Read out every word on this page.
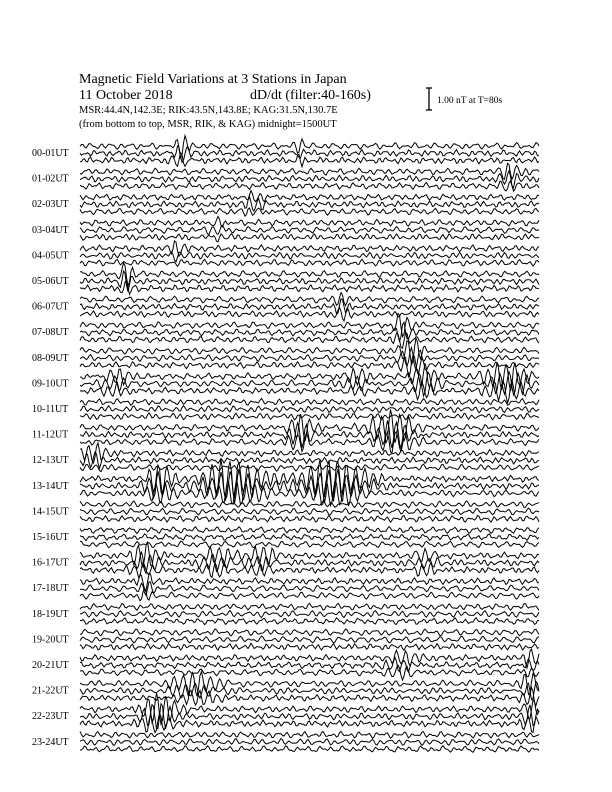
Magnetic Field Variations at 3 Stations in Japan
11 October 2018	dD/dt (filter:40-160s)
MSR:44.4N,142.3E; RIK:43.5N,143.8E; KAG:31.5N,130.7E
(from bottom to top, MSR, RIK, & KAG) midnight=1500UT
1.00 nT at T=80s
00-01UT
01-02UT
02-03UT
03-04UT
04-05UT
05-06UT
06-07UT
07-08UT
08-09UT
09-10UT
10-11UT
11-12UT
12-13UT
13-14UT
14-15UT
15-16UT
16-17UT
17-18UT
18-19UT
19-20UT
20-21UT
21-22UT
22-23UT
23-24UT
